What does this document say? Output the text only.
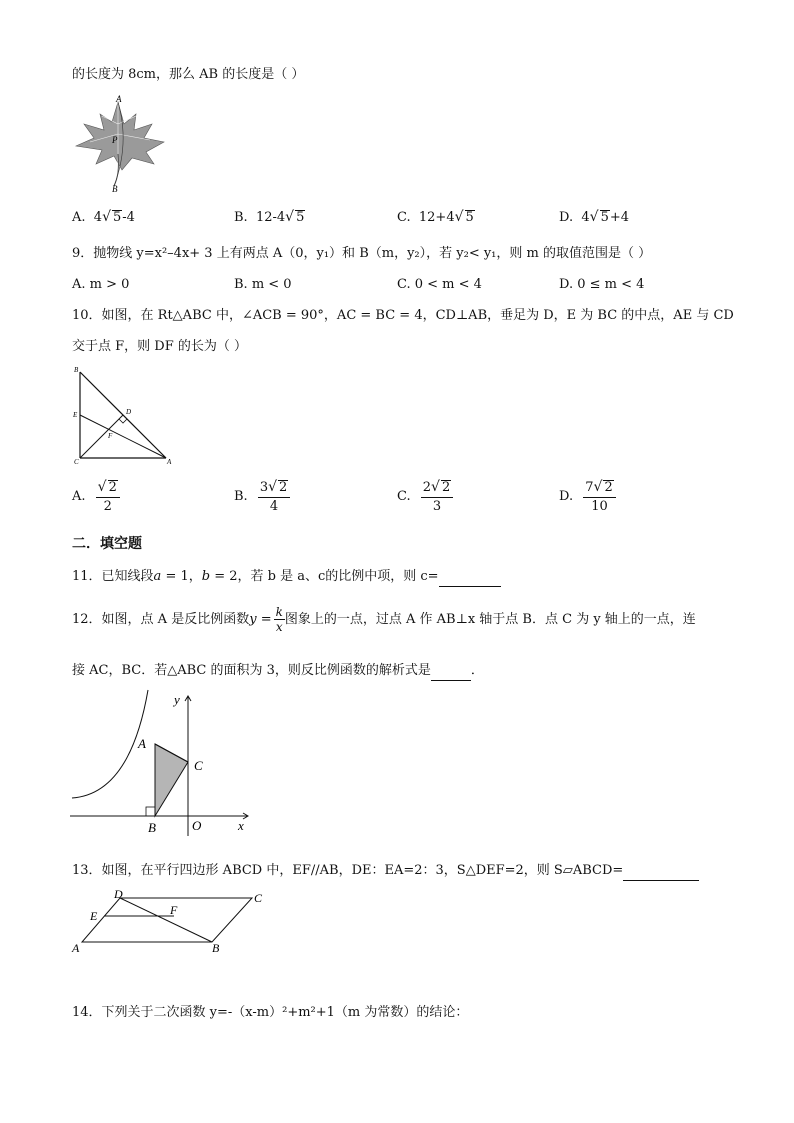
的长度为 8cm，那么 AB 的长度是（ ）
A
P
B
A. 4√ 5-4	B. 12-4√ 5	C. 12+4√ 5	D. 4√ 5+4
9．抛物线 y=x²–4x+ 3 上有两点 A（0，y₁）和 B（m，y₂），若 y₂< y₁，则 m 的取值范围是（ ）
A. m > 0	B. m < 0	C. 0 < m < 4	D. 0 ≤ m < 4
10．如图，在 Rt△ABC 中，∠ACB = 90°，AC = BC = 4，CD⊥AB，垂足为 D，E 为 BC 的中点，AE 与 CD
交于点 F，则 DF 的长为（ ）
B
E	D
F
C	A
A. $\frac{√ 2}{2}$	B. $\frac{3√ 2}{4}$	C. $\frac{2√ 2}{3}$	D. $\frac{7√ 2}{10}$
二．填空题
11．已知线段a = 1，b = 2，若 b 是 a、c的比例中项，则 c=
12．如图，点 A 是反比例函数$y = \frac{k}{x}$ 图象上的一点，过点 A 作 AB⊥x 轴于点 B．点 C 为 y 轴上的一点，连
接 AC，BC．若△ABC 的面积为 3，则反比例函数的解析式是	．
y
A
C
B	O	x
13．如图，在平行四边形 ABCD 中，EF//AB，DE：EA=2：3，S△DEF=2，则 S▱ABCD=
D	C
E	F
A	B
14．下列关于二次函数 y=-（x-m）²+m²+1（m 为常数）的结论：
